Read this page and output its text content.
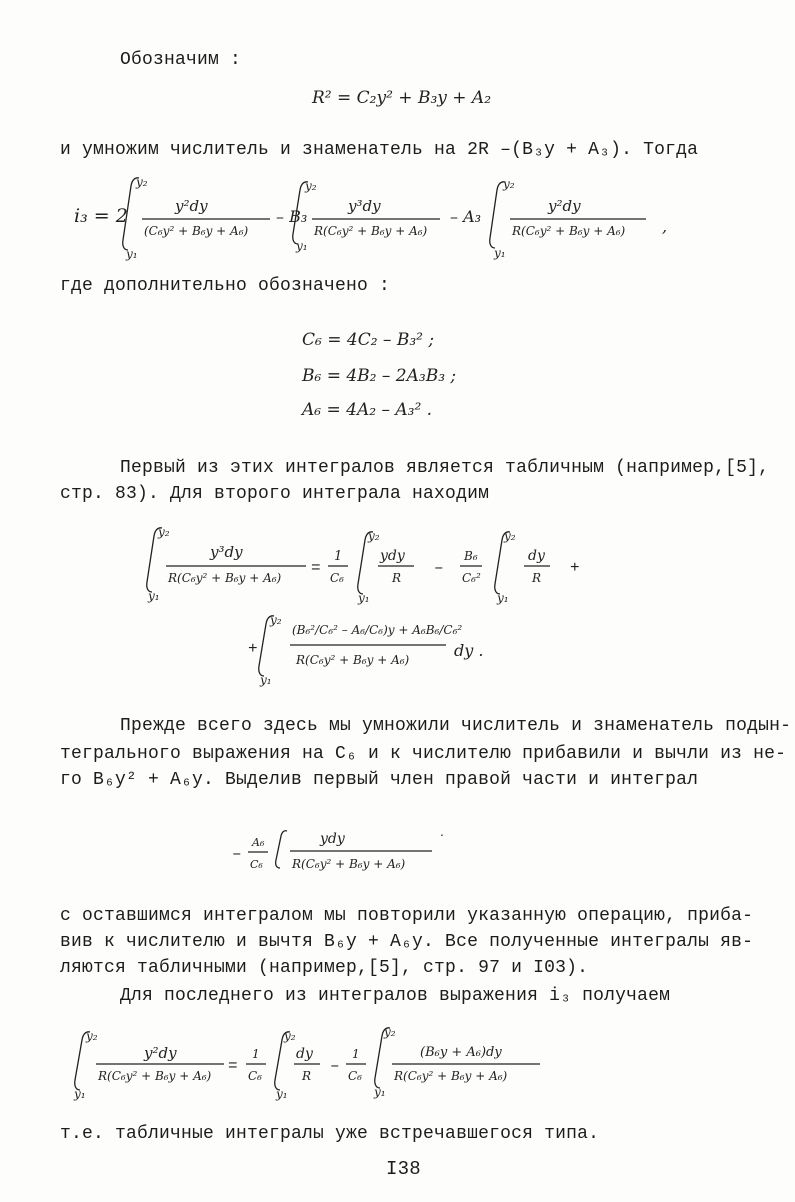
Обозначим :
R² = C₂y² + B₃y + A₂
и умножим числитель и знаменатель на 2R –(B₃y + A₃). Тогда
i₃ = 2
y₂
y₁
y²dy
(C₆y² + B₆y + A₆)
– B₃
y₂
y₁
y³dy
R(C₆y² + B₆y + A₆)
– A₃
y₂
y₁
y²dy
R(C₆y² + B₆y + A₆) ,
где дополнительно обозначено :
C₆ = 4C₂ – B₃² ;
B₆ = 4B₂ – 2A₃B₃ ;
A₆ = 4A₂ – A₃² .
Первый из этих интегралов является табличным (например,[5],
стр. 83). Для второго интеграла находим
y₂
y₁
y³dy
R(C₆y² + B₆y + A₆)
=
1
C₆
y₂
y₁
ydy
R
–
B₆
C₆²
y₂
y₁
dy
R
+
+
y₂
y₁
(B₆²/C₆² – A₆/C₆)y + A₆B₆/C₆²
R(C₆y² + B₆y + A₆)	dy .
Прежде всего здесь мы умножили числитель и знаменатель подын-
тегрального выражения на C₆ и к числителю прибавили и вычли из не-
го B₆y² + A₆y. Выделив первый член правой части и интеграл
–
A₆
C₆
ydy
R(C₆y² + B₆y + A₆)
.
с оставшимся интегралом мы повторили указанную операцию, приба-
вив к числителю и вычтя B₆y + A₆y. Все полученные интегралы яв-
ляются табличными (например,[5], стр. 97 и I03).
Для последнего из интегралов выражения i₃ получаем
y₂
y₁
y²dy
R(C₆y² + B₆y + A₆)
=
1
C₆
y₂
y₁
dy
R
–
1
C₆
y₂
y₁
(B₆y + A₆)dy
R(C₆y² + B₆y + A₆)
т.е. табличные интегралы уже встречавшегося типа.
I38
